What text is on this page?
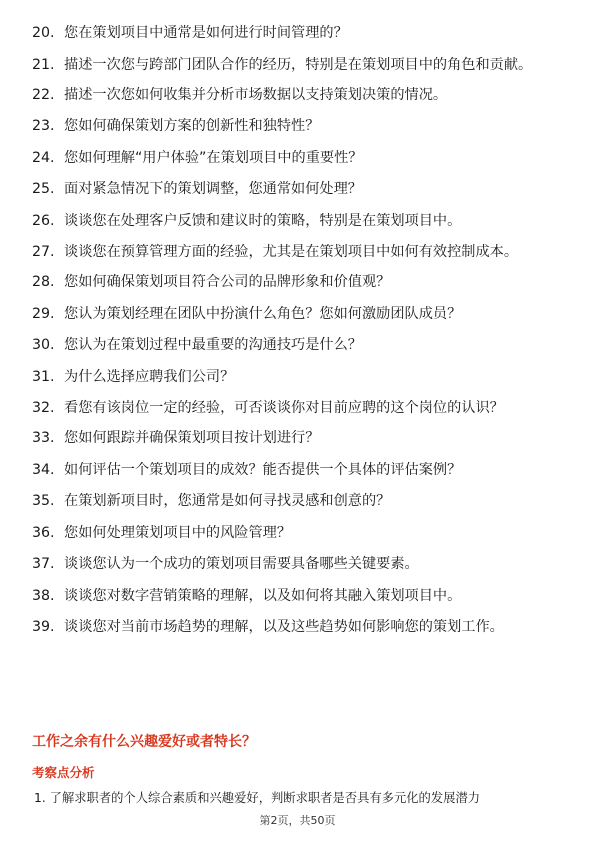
20. 您在策划项目中通常是如何进行时间管理的？
21. 描述一次您与跨部门团队合作的经历，特别是在策划项目中的角色和贡献。
22. 描述一次您如何收集并分析市场数据以支持策划决策的情况。
23. 您如何确保策划方案的创新性和独特性？
24. 您如何理解“用户体验”在策划项目中的重要性？
25. 面对紧急情况下的策划调整，您通常如何处理？
26. 谈谈您在处理客户反馈和建议时的策略，特别是在策划项目中。
27. 谈谈您在预算管理方面的经验，尤其是在策划项目中如何有效控制成本。
28. 您如何确保策划项目符合公司的品牌形象和价值观？
29. 您认为策划经理在团队中扮演什么角色？您如何激励团队成员？
30. 您认为在策划过程中最重要的沟通技巧是什么？
31. 为什么选择应聘我们公司？
32. 看您有该岗位一定的经验，可否谈谈你对目前应聘的这个岗位的认识？
33. 您如何跟踪并确保策划项目按计划进行？
34. 如何评估一个策划项目的成效？能否提供一个具体的评估案例？
35. 在策划新项目时，您通常是如何寻找灵感和创意的？
36. 您如何处理策划项目中的风险管理？
37. 谈谈您认为一个成功的策划项目需要具备哪些关键要素。
38. 谈谈您对数字营销策略的理解，以及如何将其融入策划项目中。
39. 谈谈您对当前市场趋势的理解，以及这些趋势如何影响您的策划工作。
工作之余有什么兴趣爱好或者特长？
考察点分析
1. 了解求职者的个人综合素质和兴趣爱好，判断求职者是否具有多元化的发展潜力
第2页，共50页
